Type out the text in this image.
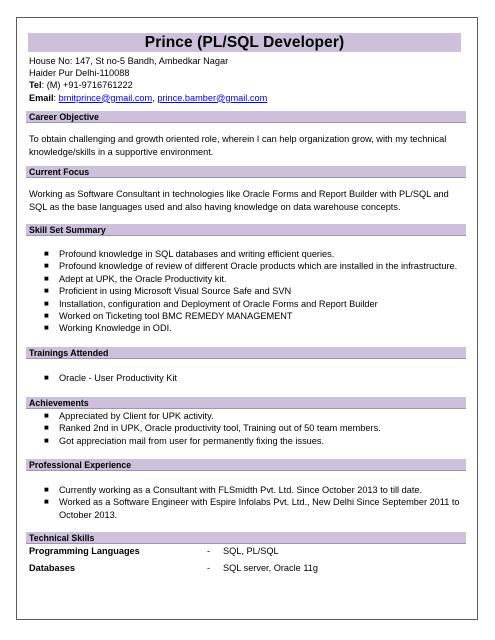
Prince (PL/SQL Developer)
House No: 147, St no-5 Bandh, Ambedkar Nagar
Haider Pur Delhi-110088
Tel: (M) +91-9716761222
Email: bmitprince@gmail.com, prince.bamber@gmail.com
Career Objective
To obtain challenging and growth oriented role, wherein I can help organization grow, with my technical knowledge/skills in a supportive environment.
Current Focus
Working as Software Consultant in technologies like Oracle Forms and Report Builder with PL/SQL and SQL as the base languages used and also having knowledge on data warehouse concepts.
Skill Set Summary
■ Profound knowledge in SQL databases and writing efficient queries.
■ Profound knowledge of review of different Oracle products which are installed in the infrastructure.
■ Adept at UPK, the Oracle Productivity kit.
■ Proficient in using Microsoft Visual Source Safe and SVN
■ Installation, configuration and Deployment of Oracle Forms and Report Builder
■ Worked on Ticketing tool BMC REMEDY MANAGEMENT
■ Working Knowledge in ODI.
Trainings Attended
■ Oracle - User Productivity Kit
Achievements
■ Appreciated by Client for UPK activity.
■ Ranked 2nd in UPK, Oracle productivity tool, Training out of 50 team members.
■ Got appreciation mail from user for permanently fixing the issues.
Professional Experience
■ Currently working as a Consultant with FLSmidth Pvt. Ltd. Since October 2013 to till date.
■ Worked as a Software Engineer with Espire Infolabs Pvt. Ltd., New Delhi Since September 2011 to October 2013.
Technical Skills
Programming Languages	- SQL, PL/SQL
Databases	- SQL server, Oracle 11g
